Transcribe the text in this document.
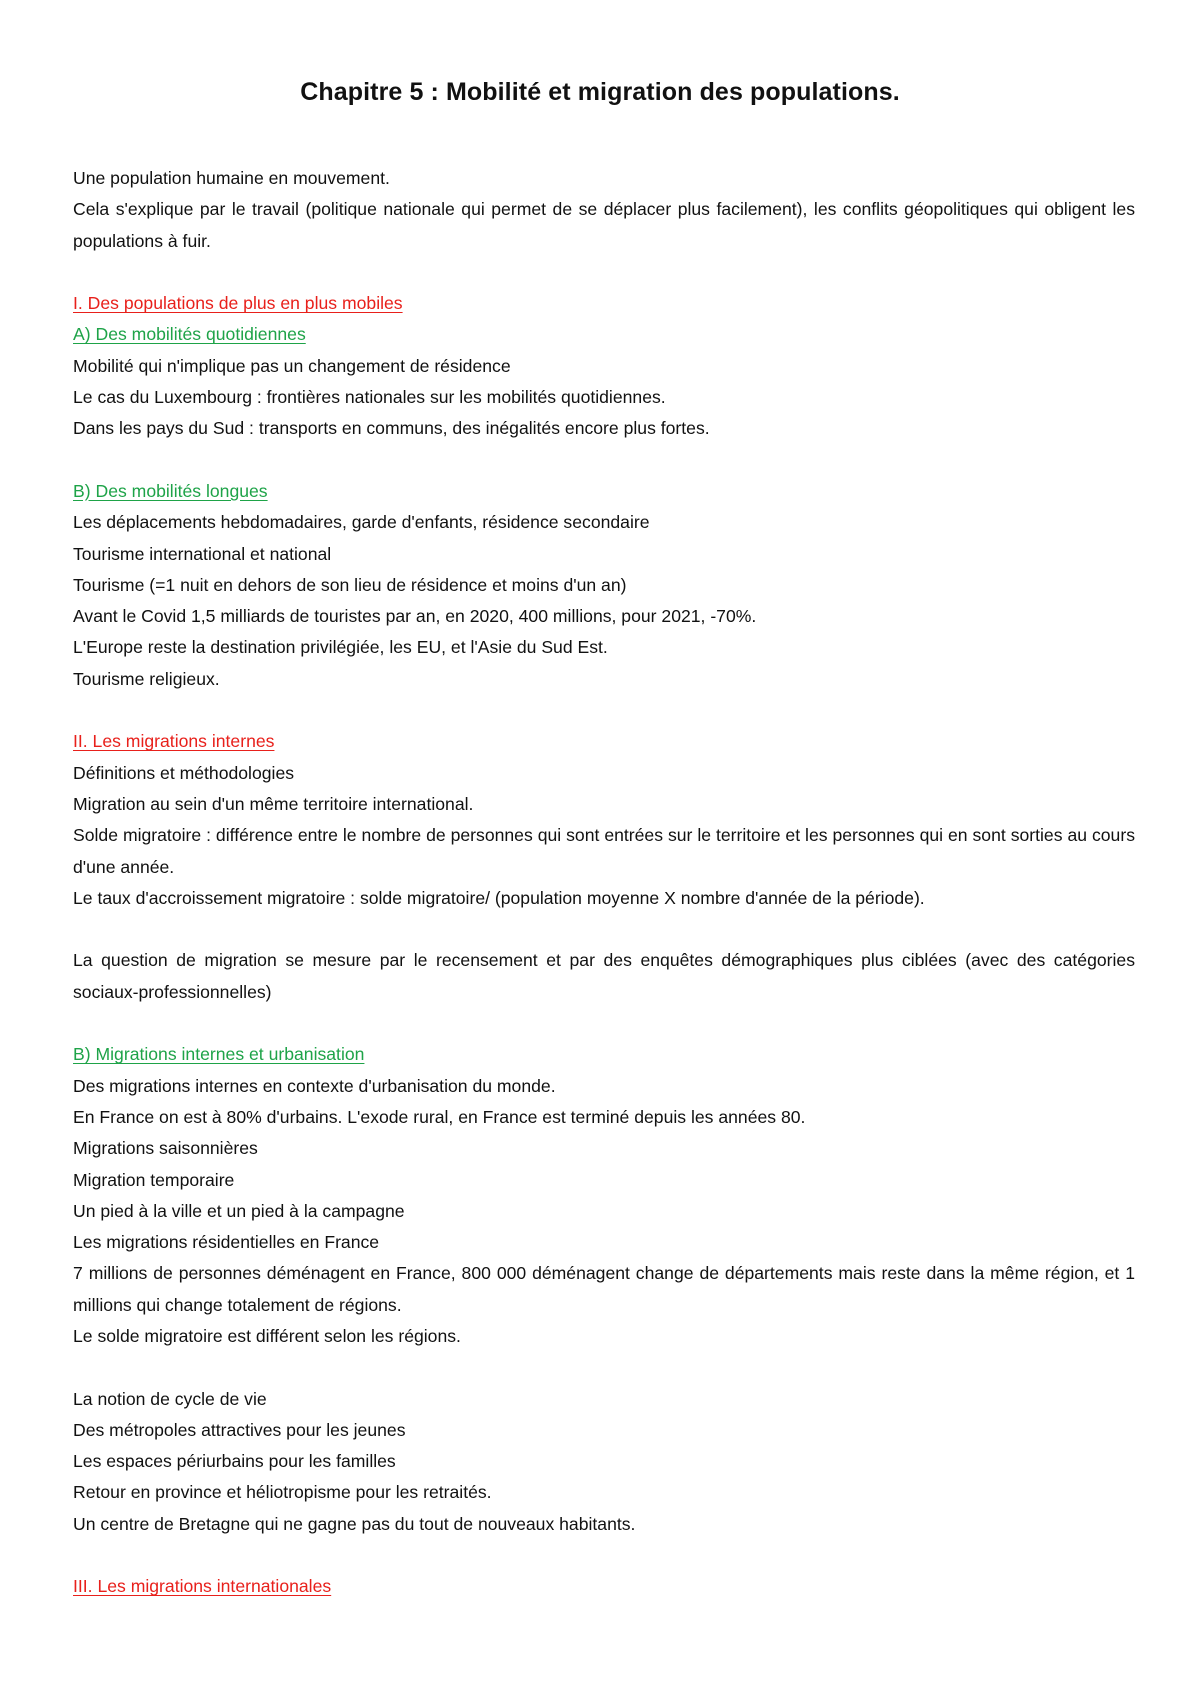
Chapitre 5 : Mobilité et migration des populations.

Une population humaine en mouvement.

Cela s'explique par le travail (politique nationale qui permet de se déplacer plus facilement), les conflits géopolitiques qui obligent les populations à fuir.

I. Des populations de plus en plus mobiles

A) Des mobilités quotidiennes

Mobilité qui n'implique pas un changement de résidence

Le cas du Luxembourg : frontières nationales sur les mobilités quotidiennes.

Dans les pays du Sud : transports en communs, des inégalités encore plus fortes.

B) Des mobilités longues

Les déplacements hebdomadaires, garde d'enfants, résidence secondaire

Tourisme international et national

Tourisme (=1 nuit en dehors de son lieu de résidence et moins d'un an)

Avant le Covid 1,5 milliards de touristes par an, en 2020, 400 millions, pour 2021, -70%.

L'Europe reste la destination privilégiée, les EU, et l'Asie du Sud Est.

Tourisme religieux.

II. Les migrations internes

Définitions et méthodologies

Migration au sein d'un même territoire international.

Solde migratoire : différence entre le nombre de personnes qui sont entrées sur le territoire et les personnes qui en sont sorties au cours d'une année.

Le taux d'accroissement migratoire : solde migratoire/ (population moyenne X nombre d'année de la période).

La question de migration se mesure par le recensement et par des enquêtes démographiques plus ciblées (avec des catégories sociaux-professionnelles)

B) Migrations internes et urbanisation

Des migrations internes en contexte d'urbanisation du monde.

En France on est à 80% d'urbains. L'exode rural, en France est terminé depuis les années 80.

Migrations saisonnières

Migration temporaire

Un pied à la ville et un pied à la campagne

Les migrations résidentielles en France

7 millions de personnes déménagent en France, 800 000 déménagent change de départements mais reste dans la même région, et 1 millions qui change totalement de régions.

Le solde migratoire est différent selon les régions.

La notion de cycle de vie

Des métropoles attractives pour les jeunes

Les espaces périurbains pour les familles

Retour en province et héliotropisme pour les retraités.

Un centre de Bretagne qui ne gagne pas du tout de nouveaux habitants.

III. Les migrations internationales
